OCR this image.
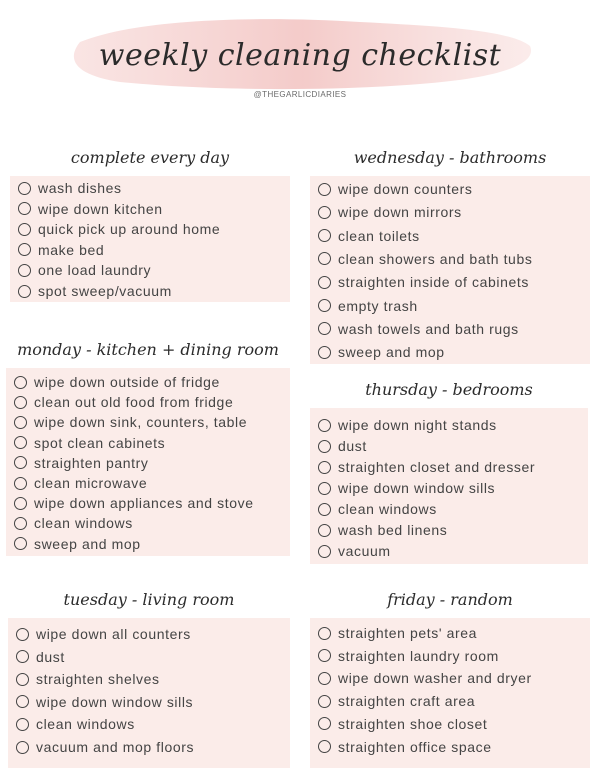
weekly cleaning checklist
@THEGARLICDIARIES
complete every day
wash dishes
wipe down kitchen
quick pick up around home
make bed
one load laundry
spot sweep/vacuum
monday - kitchen + dining room
wipe down outside of fridge
clean out old food from fridge
wipe down sink, counters, table
spot clean cabinets
straighten pantry
clean microwave
wipe down appliances and stove
clean windows
sweep and mop
tuesday - living room
wipe down all counters
dust
straighten shelves
wipe down window sills
clean windows
vacuum and mop floors
wednesday - bathrooms
wipe down counters
wipe down mirrors
clean toilets
clean showers and bath tubs
straighten inside of cabinets
empty trash
wash towels and bath rugs
sweep and mop
thursday - bedrooms
wipe down night stands
dust
straighten closet and dresser
wipe down window sills
clean windows
wash bed linens
vacuum
friday - random
straighten pets' area
straighten laundry room
wipe down washer and dryer
straighten craft area
straighten shoe closet
straighten office space
